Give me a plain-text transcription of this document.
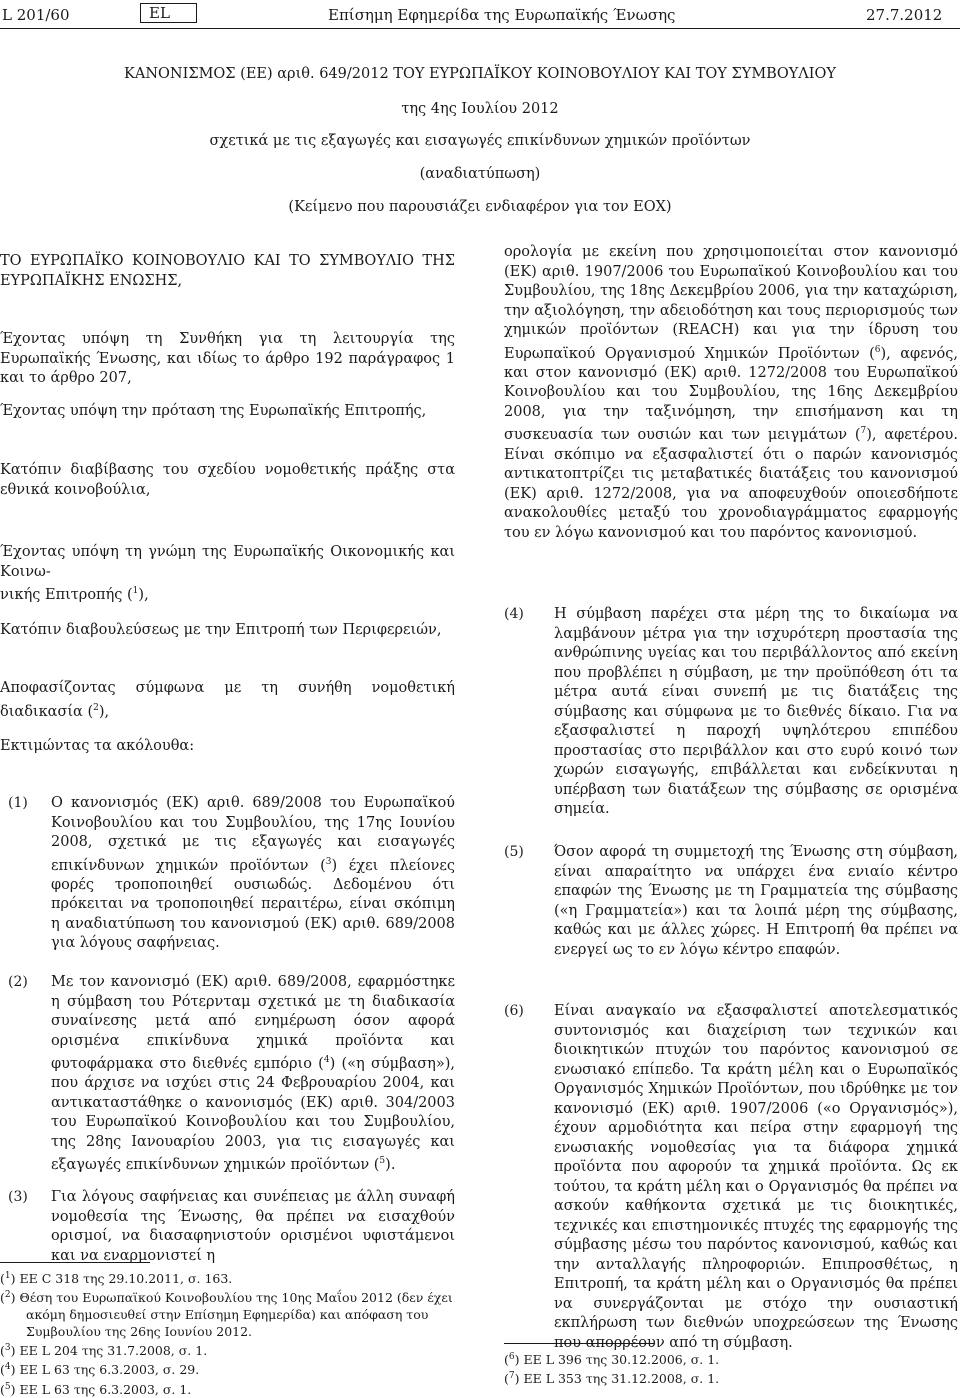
L 201/60	EL	Επίσημη Εφημερίδα της Ευρωπαϊκής Ένωσης	27.7.2012
ΚΑΝΟΝΙΣΜΟΣ (ΕΕ) αριθ. 649/2012 ΤΟΥ ΕΥΡΩΠΑΪΚΟΥ ΚΟΙΝΟΒΟΥΛΙΟΥ ΚΑΙ ΤΟΥ ΣΥΜΒΟΥΛΙΟΥ
της 4ης Ιουλίου 2012
σχετικά με τις εξαγωγές και εισαγωγές επικίνδυνων χημικών προϊόντων
(αναδιατύπωση)
(Κείμενο που παρουσιάζει ενδιαφέρον για τον ΕΟΧ)
ΤΟ ΕΥΡΩΠΑΪΚΟ ΚΟΙΝΟΒΟΥΛΙΟ ΚΑΙ ΤΟ ΣΥΜΒΟΥΛΙΟ ΤΗΣ ΕΥΡΩΠΑΪΚΗΣ ΕΝΩΣΗΣ,
Έχοντας υπόψη τη Συνθήκη για τη λειτουργία της Ευρωπαϊκής Ένωσης, και ιδίως το άρθρο 192 παράγραφος 1 και το άρθρο 207,
Έχοντας υπόψη την πρόταση της Ευρωπαϊκής Επιτροπής,
Κατόπιν διαβίβασης του σχεδίου νομοθετικής πράξης στα εθνικά κοινοβούλια,
Έχοντας υπόψη τη γνώμη της Ευρωπαϊκής Οικονομικής και Κοινω-
νικής Επιτροπής ($^1$),
Κατόπιν διαβουλεύσεως με την Επιτροπή των Περιφερειών,
Αποφασίζοντας σύμφωνα με τη συνήθη νομοθετική διαδικασία ($^2$),
Εκτιμώντας τα ακόλουθα:
(1) Ο κανονισμός (ΕΚ) αριθ. 689/2008 του Ευρωπαϊκού Κοινοβουλίου και του Συμβουλίου, της 17ης Ιουνίου 2008, σχετικά με τις εξαγωγές και εισαγωγές επικίνδυνων χημικών προϊόντων ($^3$) έχει πλείονες φορές τροποποιηθεί ουσιωδώς. Δεδομένου ότι πρόκειται να τροποποιηθεί περαιτέρω, είναι σκόπιμη η αναδιατύπωση του κανονισμού (ΕΚ) αριθ. 689/2008 για λόγους σαφήνειας.
(2) Με τον κανονισμό (ΕΚ) αριθ. 689/2008, εφαρμόστηκε η σύμβαση του Ρότερνταμ σχετικά με τη διαδικασία συναίνεσης μετά από ενημέρωση όσον αφορά ορισμένα επικίνδυνα χημικά προϊόντα και φυτοφάρμακα στο διεθνές εμπόριο ($^4$) («η σύμβαση»), που άρχισε να ισχύει στις 24 Φεβρουαρίου 2004, και αντικαταστάθηκε ο κανονισμός (ΕΚ) αριθ. 304/2003 του Ευρωπαϊκού Κοινοβουλίου και του Συμβουλίου, της 28ης Ιανουαρίου 2003, για τις εισαγωγές και εξαγωγές επικίνδυνων χημικών προϊόντων ($^5$).
(3) Για λόγους σαφήνειας και συνέπειας με άλλη συναφή νομοθεσία της Ένωσης, θα πρέπει να εισαχθούν ορισμοί, να διασαφηνιστούν ορισμένοι υφιστάμενοι και να εναρμονιστεί η
($^1$) ΕΕ C 318 της 29.10.2011, σ. 163.
($^2$) Θέση του Ευρωπαϊκού Κοινοβουλίου της 10ης Μαΐου 2012 (δεν έχει ακόμη δημοσιευθεί στην Επίσημη Εφημερίδα) και απόφαση του Συμβουλίου της 26ης Ιουνίου 2012.
($^3$) ΕΕ L 204 της 31.7.2008, σ. 1.
($^4$) ΕΕ L 63 της 6.3.2003, σ. 29.
($^5$) ΕΕ L 63 της 6.3.2003, σ. 1.
ορολογία με εκείνη που χρησιμοποιείται στον κανονισμό (ΕΚ) αριθ. 1907/2006 του Ευρωπαϊκού Κοινοβουλίου και του Συμβουλίου, της 18ης Δεκεμβρίου 2006, για την καταχώριση, την αξιολόγηση, την αδειοδότηση και τους περιορισμούς των χημικών προϊόντων (REACH) και για την ίδρυση του Ευρωπαϊκού Οργανισμού Χημικών Προϊόντων ($^6$), αφενός, και στον κανονισμό (ΕΚ) αριθ. 1272/2008 του Ευρωπαϊκού Κοινοβουλίου και του Συμβουλίου, της 16ης Δεκεμβρίου 2008, για την ταξινόμηση, την επισήμανση και τη συσκευασία των ουσιών και των μειγμάτων ($^7$), αφετέρου. Είναι σκόπιμο να εξασφαλιστεί ότι ο παρών κανονισμός αντικατοπτρίζει τις μεταβατικές διατάξεις του κανονισμού (ΕΚ) αριθ. 1272/2008, για να αποφευχθούν οποιεσδήποτε ανακολουθίες μεταξύ του χρονοδιαγράμματος εφαρμογής του εν λόγω κανονισμού και του παρόντος κανονισμού.
(4) Η σύμβαση παρέχει στα μέρη της το δικαίωμα να λαμβάνουν μέτρα για την ισχυρότερη προστασία της ανθρώπινης υγείας και του περιβάλλοντος από εκείνη που προβλέπει η σύμβαση, με την προϋπόθεση ότι τα μέτρα αυτά είναι συνεπή με τις διατάξεις της σύμβασης και σύμφωνα με το διεθνές δίκαιο. Για να εξασφαλιστεί η παροχή υψηλότερου επιπέδου προστασίας στο περιβάλλον και στο ευρύ κοινό των χωρών εισαγωγής, επιβάλλεται και ενδείκνυται η υπέρβαση των διατάξεων της σύμβασης σε ορισμένα σημεία.
(5) Όσον αφορά τη συμμετοχή της Ένωσης στη σύμβαση, είναι απαραίτητο να υπάρχει ένα ενιαίο κέντρο επαφών της Ένωσης με τη Γραμματεία της σύμβασης («η Γραμματεία») και τα λοιπά μέρη της σύμβασης, καθώς και με άλλες χώρες. Η Επιτροπή θα πρέπει να ενεργεί ως το εν λόγω κέντρο επαφών.
(6) Είναι αναγκαίο να εξασφαλιστεί αποτελεσματικός συντονισμός και διαχείριση των τεχνικών και διοικητικών πτυχών του παρόντος κανονισμού σε ενωσιακό επίπεδο. Τα κράτη μέλη και ο Ευρωπαϊκός Οργανισμός Χημικών Προϊόντων, που ιδρύθηκε με τον κανονισμό (ΕΚ) αριθ. 1907/2006 («ο Οργανισμός»), έχουν αρμοδιότητα και πείρα στην εφαρμογή της ενωσιακής νομοθεσίας για τα διάφορα χημικά προϊόντα που αφορούν τα χημικά προϊόντα. Ως εκ τούτου, τα κράτη μέλη και ο Οργανισμός θα πρέπει να ασκούν καθήκοντα σχετικά με τις διοικητικές, τεχνικές και επιστημονικές πτυχές της εφαρμογής της σύμβασης μέσω του παρόντος κανονισμού, καθώς και την ανταλλαγής πληροφοριών. Επιπροσθέτως, η Επιτροπή, τα κράτη μέλη και ο Οργανισμός θα πρέπει να συνεργάζονται με στόχο την ουσιαστική εκπλήρωση των διεθνών υποχρεώσεων της Ένωσης που απορρέουν από τη σύμβαση.
($^6$) ΕΕ L 396 της 30.12.2006, σ. 1.
($^7$) ΕΕ L 353 της 31.12.2008, σ. 1.
